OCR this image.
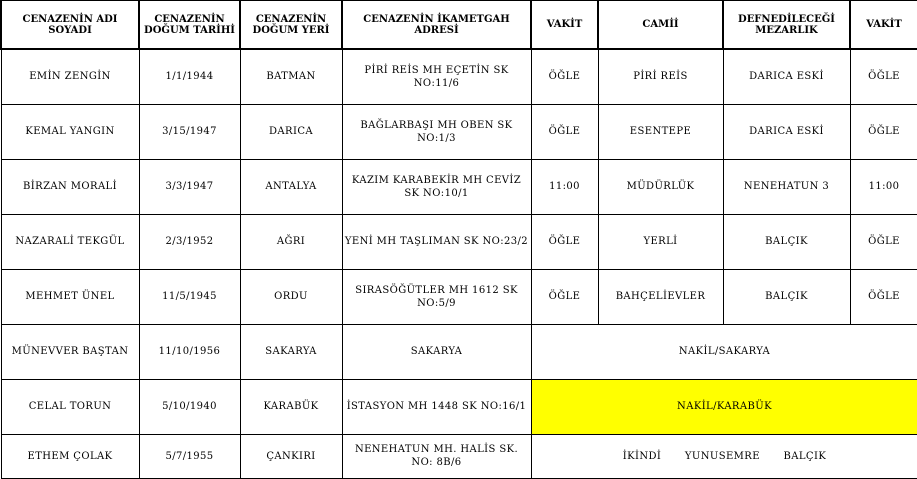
CENAZENİN ADI SOYADI	CENAZENİN DOĞUM TARİHİ	CENAZENİN DOĞUM YERİ	CENAZENİN İKAMETGAH ADRESİ	VAKİT	CAMİİ	DEFNEDİLECEĞİ MEZARLIK	VAKİT
EMİN ZENGİN	1/1/1944	BATMAN	PİRİ REİS MH EÇETİN SK NO:11/6	ÖĞLE	PİRİ REİS	DARICA ESKİ	ÖĞLE
KEMAL YANGIN	3/15/1947	DARICA	BAĞLARBAŞI MH OBEN SK NO:1/3	ÖĞLE	ESENTEPE	DARICA ESKİ	ÖĞLE
BİRZAN MORALİ	3/3/1947	ANTALYA	KAZIM KARABEKİR MH CEVİZ SK NO:10/1	11:00	MÜDÜRLÜK	NENEHATUN 3	11:00
NAZARALİ TEKGÜL	2/3/1952	AĞRI	YENİ MH TAŞLIMAN SK NO:23/2	ÖĞLE	YERLİ	BALÇIK	ÖĞLE
MEHMET ÜNEL	11/5/1945	ORDU	SIRASÖĞÜTLER MH 1612 SK NO:5/9	ÖĞLE	BAHÇELİEVLER	BALÇIK	ÖĞLE
MÜNEVVER BAŞTAN	11/10/1956	SAKARYA	SAKARYA	NAKİL/SAKARYA			
CELAL TORUN	5/10/1940	KARABÜK	İSTASYON MH 1448 SK NO:16/1	NAKİL/KARABÜK			
ETHEM ÇOLAK	5/7/1955	ÇANKIRI	NENEHATUN MH. HALİS SK. NO: 8B/6	İKİNDİ YUNUSEMRE BALÇIK			
